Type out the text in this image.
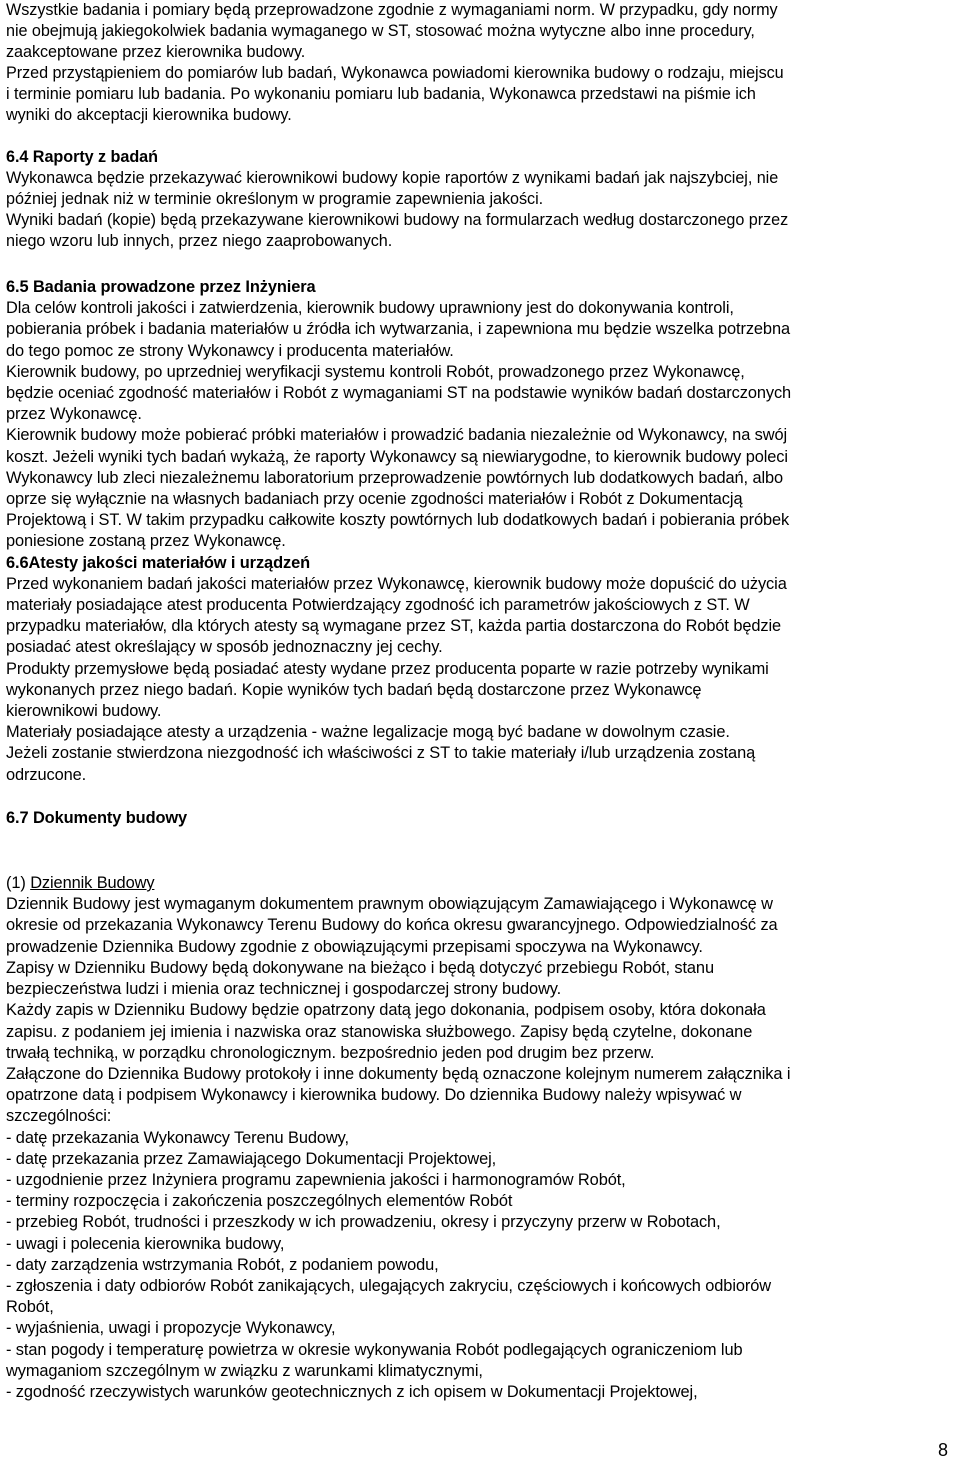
Wszystkie badania i pomiary będą przeprowadzone zgodnie z wymaganiami norm. W przypadku, gdy normy
nie obejmują jakiegokolwiek badania wymaganego w ST, stosować można wytyczne albo inne procedury,
zaakceptowane przez kierownika budowy.
Przed przystąpieniem do pomiarów lub badań, Wykonawca powiadomi kierownika budowy o rodzaju, miejscu
i terminie pomiaru lub badania. Po wykonaniu pomiaru lub badania, Wykonawca przedstawi na piśmie ich
wyniki do akceptacji kierownika budowy.
6.4 Raporty z badań
Wykonawca będzie przekazywać kierownikowi budowy kopie raportów z wynikami badań jak najszybciej, nie
później jednak niż w terminie określonym w programie zapewnienia jakości.
Wyniki badań (kopie) będą przekazywane kierownikowi budowy na formularzach według dostarczonego przez
niego wzoru lub innych, przez niego zaaprobowanych.
6.5 Badania prowadzone przez Inżyniera
Dla celów kontroli jakości i zatwierdzenia, kierownik budowy uprawniony jest do dokonywania kontroli,
pobierania próbek i badania materiałów u źródła ich wytwarzania, i zapewniona mu będzie wszelka potrzebna
do tego pomoc ze strony Wykonawcy i producenta materiałów.
Kierownik budowy, po uprzedniej weryfikacji systemu kontroli Robót, prowadzonego przez Wykonawcę,
będzie oceniać zgodność materiałów i Robót z wymaganiami ST na podstawie wyników badań dostarczonych
przez Wykonawcę.
Kierownik budowy może pobierać próbki materiałów i prowadzić badania niezależnie od Wykonawcy, na swój
koszt. Jeżeli wyniki tych badań wykażą, że raporty Wykonawcy są niewiarygodne, to kierownik budowy poleci
Wykonawcy lub zleci niezależnemu laboratorium przeprowadzenie powtórnych lub dodatkowych badań, albo
oprze się wyłącznie na własnych badaniach przy ocenie zgodności materiałów i Robót z Dokumentacją
Projektową i ST. W takim przypadku całkowite koszty powtórnych lub dodatkowych badań i pobierania próbek
poniesione zostaną przez Wykonawcę.
6.6Atesty jakości materiałów i urządzeń
Przed wykonaniem badań jakości materiałów przez Wykonawcę, kierownik budowy może dopuścić do użycia
materiały posiadające atest producenta Potwierdzający zgodność ich parametrów jakościowych z ST. W
przypadku materiałów, dla których atesty są wymagane przez ST, każda partia dostarczona do Robót będzie
posiadać atest określający w sposób jednoznaczny jej cechy.
Produkty przemysłowe będą posiadać atesty wydane przez producenta poparte w razie potrzeby wynikami
wykonanych przez niego badań. Kopie wyników tych badań będą dostarczone przez Wykonawcę
kierownikowi budowy.
Materiały posiadające atesty a urządzenia - ważne legalizacje mogą być badane w dowolnym czasie.
Jeżeli zostanie stwierdzona niezgodność ich właściwości z ST to takie materiały i/lub urządzenia zostaną
odrzucone.
6.7 Dokumenty budowy
(1) Dziennik Budowy
Dziennik Budowy jest wymaganym dokumentem prawnym obowiązującym Zamawiającego i Wykonawcę w
okresie od przekazania Wykonawcy Terenu Budowy do końca okresu gwarancyjnego. Odpowiedzialność za
prowadzenie Dziennika Budowy zgodnie z obowiązującymi przepisami spoczywa na Wykonawcy.
Zapisy w Dzienniku Budowy będą dokonywane na bieżąco i będą dotyczyć przebiegu Robót, stanu
bezpieczeństwa ludzi i mienia oraz technicznej i gospodarczej strony budowy.
Każdy zapis w Dzienniku Budowy będzie opatrzony datą jego dokonania, podpisem osoby, która dokonała
zapisu. z podaniem jej imienia i nazwiska oraz stanowiska służbowego. Zapisy będą czytelne, dokonane
trwałą techniką, w porządku chronologicznym. bezpośrednio jeden pod drugim bez przerw.
Załączone do Dziennika Budowy protokoły i inne dokumenty będą oznaczone kolejnym numerem załącznika i
opatrzone datą i podpisem Wykonawcy i kierownika budowy. Do dziennika Budowy należy wpisywać w
szczególności:
- datę przekazania Wykonawcy Terenu Budowy,
- datę przekazania przez Zamawiającego Dokumentacji Projektowej,
- uzgodnienie przez Inżyniera programu zapewnienia jakości i harmonogramów Robót,
- terminy rozpoczęcia i zakończenia poszczególnych elementów Robót
- przebieg Robót, trudności i przeszkody w ich prowadzeniu, okresy i przyczyny przerw w Robotach,
- uwagi i polecenia kierownika budowy,
- daty zarządzenia wstrzymania Robót, z podaniem powodu,
- zgłoszenia i daty odbiorów Robót zanikających, ulegających zakryciu, częściowych i końcowych odbiorów
Robót,
- wyjaśnienia, uwagi i propozycje Wykonawcy,
- stan pogody i temperaturę powietrza w okresie wykonywania Robót podlegających ograniczeniom lub
wymaganiom szczególnym w związku z warunkami klimatycznymi,
- zgodność rzeczywistych warunków geotechnicznych z ich opisem w Dokumentacji Projektowej,
8
